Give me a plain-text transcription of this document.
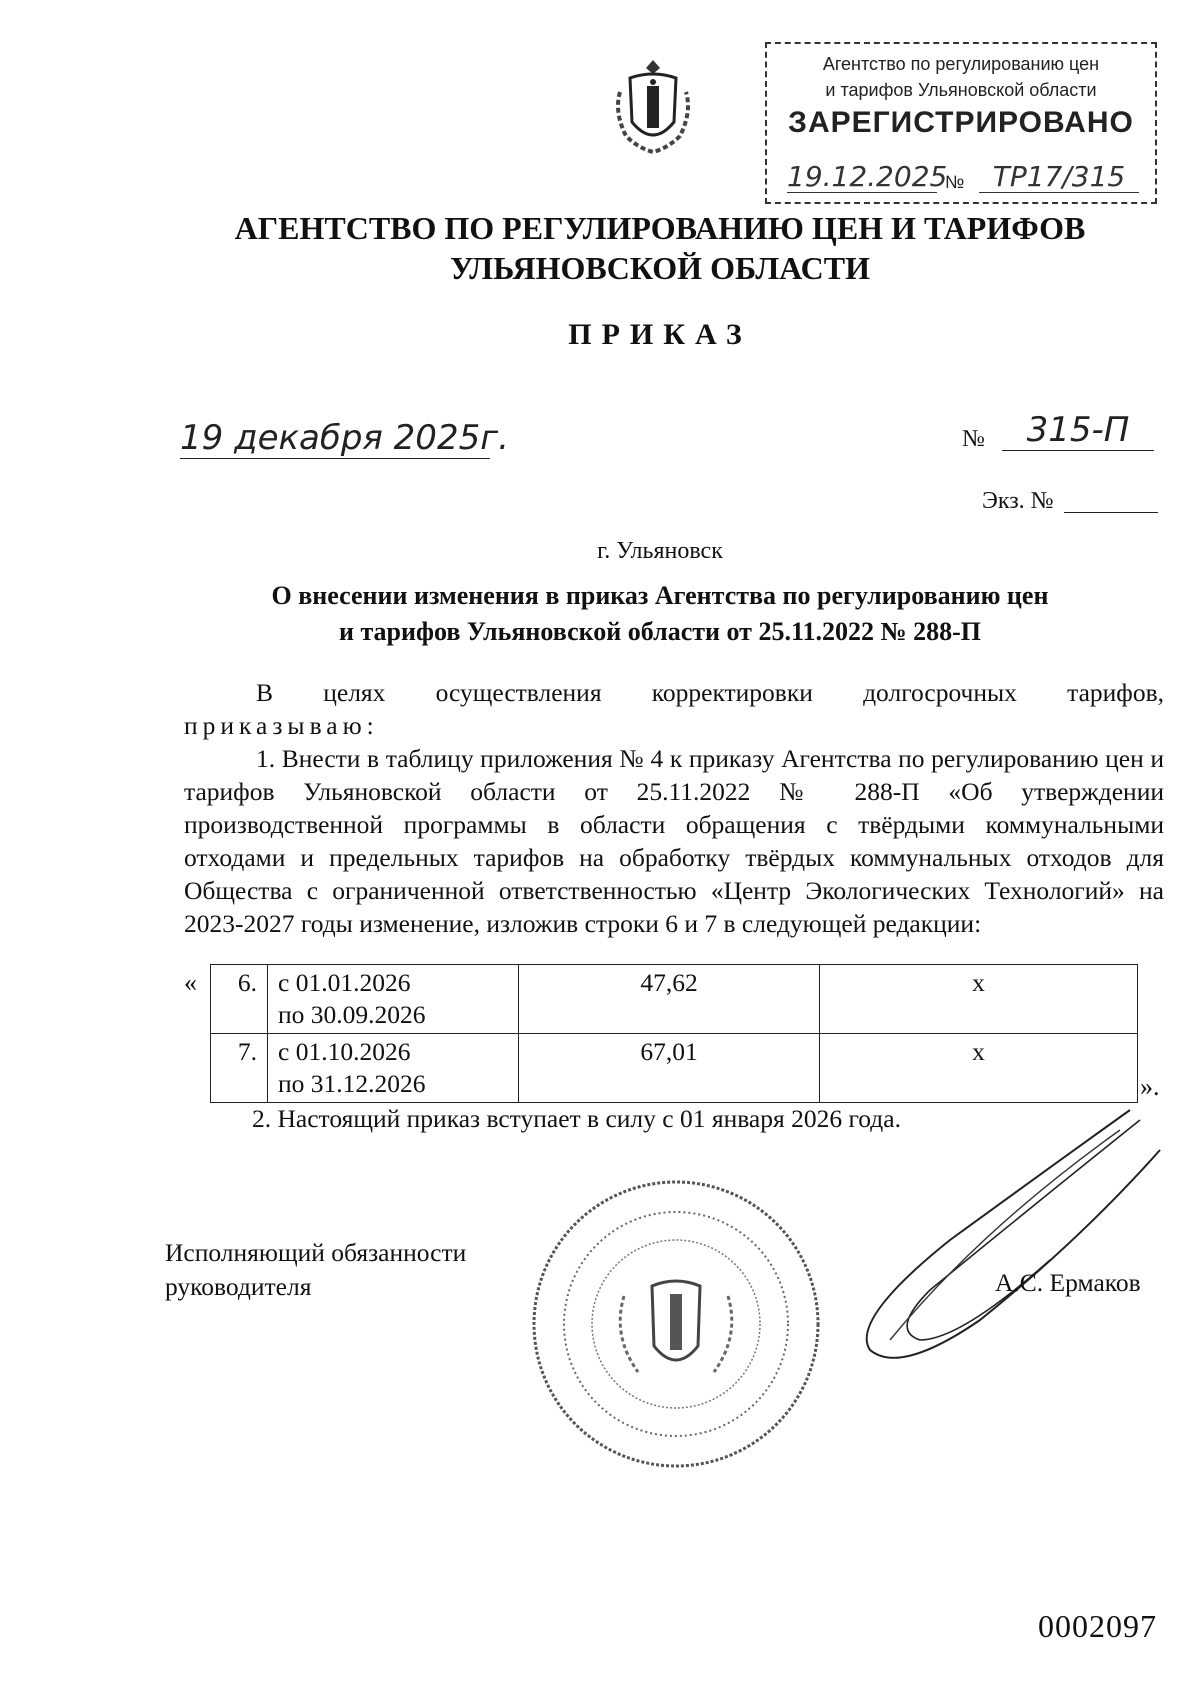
Агентство по регулированию цен
и тарифов Ульяновской области
ЗАРЕГИСТРИРОВАНО
19.12.2025
№	ТР17/315
АГЕНТСТВО ПО РЕГУЛИРОВАНИЮ ЦЕН И ТАРИФОВ
УЛЬЯНОВСКОЙ ОБЛАСТИ
ПРИКАЗ
19 декабря 2025г.	№	315-П
Экз. №
г. Ульяновск
О внесении изменения в приказ Агентства по регулированию цен
и тарифов Ульяновской области от 25.11.2022 № 288-П
В целях осуществления корректировки долгосрочных тарифов,
приказываю:
1. Внести в таблицу приложения № 4 к приказу Агентства по регулированию цен и тарифов Ульяновской области от 25.11.2022 № 288-П «Об утверждении производственной программы в области обращения с твёрдыми коммунальными отходами и предельных тарифов на обработку твёрдых коммунальных отходов для Общества с ограниченной ответственностью «Центр Экологических Технологий» на 2023-2027 годы изменение, изложив строки 6 и 7 в следующей редакции:
« 6.	с 01.01.2026
по 30.09.2026	47,62	х
7.	с 01.10.2026
по 31.12.2026	67,01	х
».
2. Настоящий приказ вступает в силу с 01 января 2026 года.
Исполняющий обязанности
руководителя	А.С. Ермаков
0002097
